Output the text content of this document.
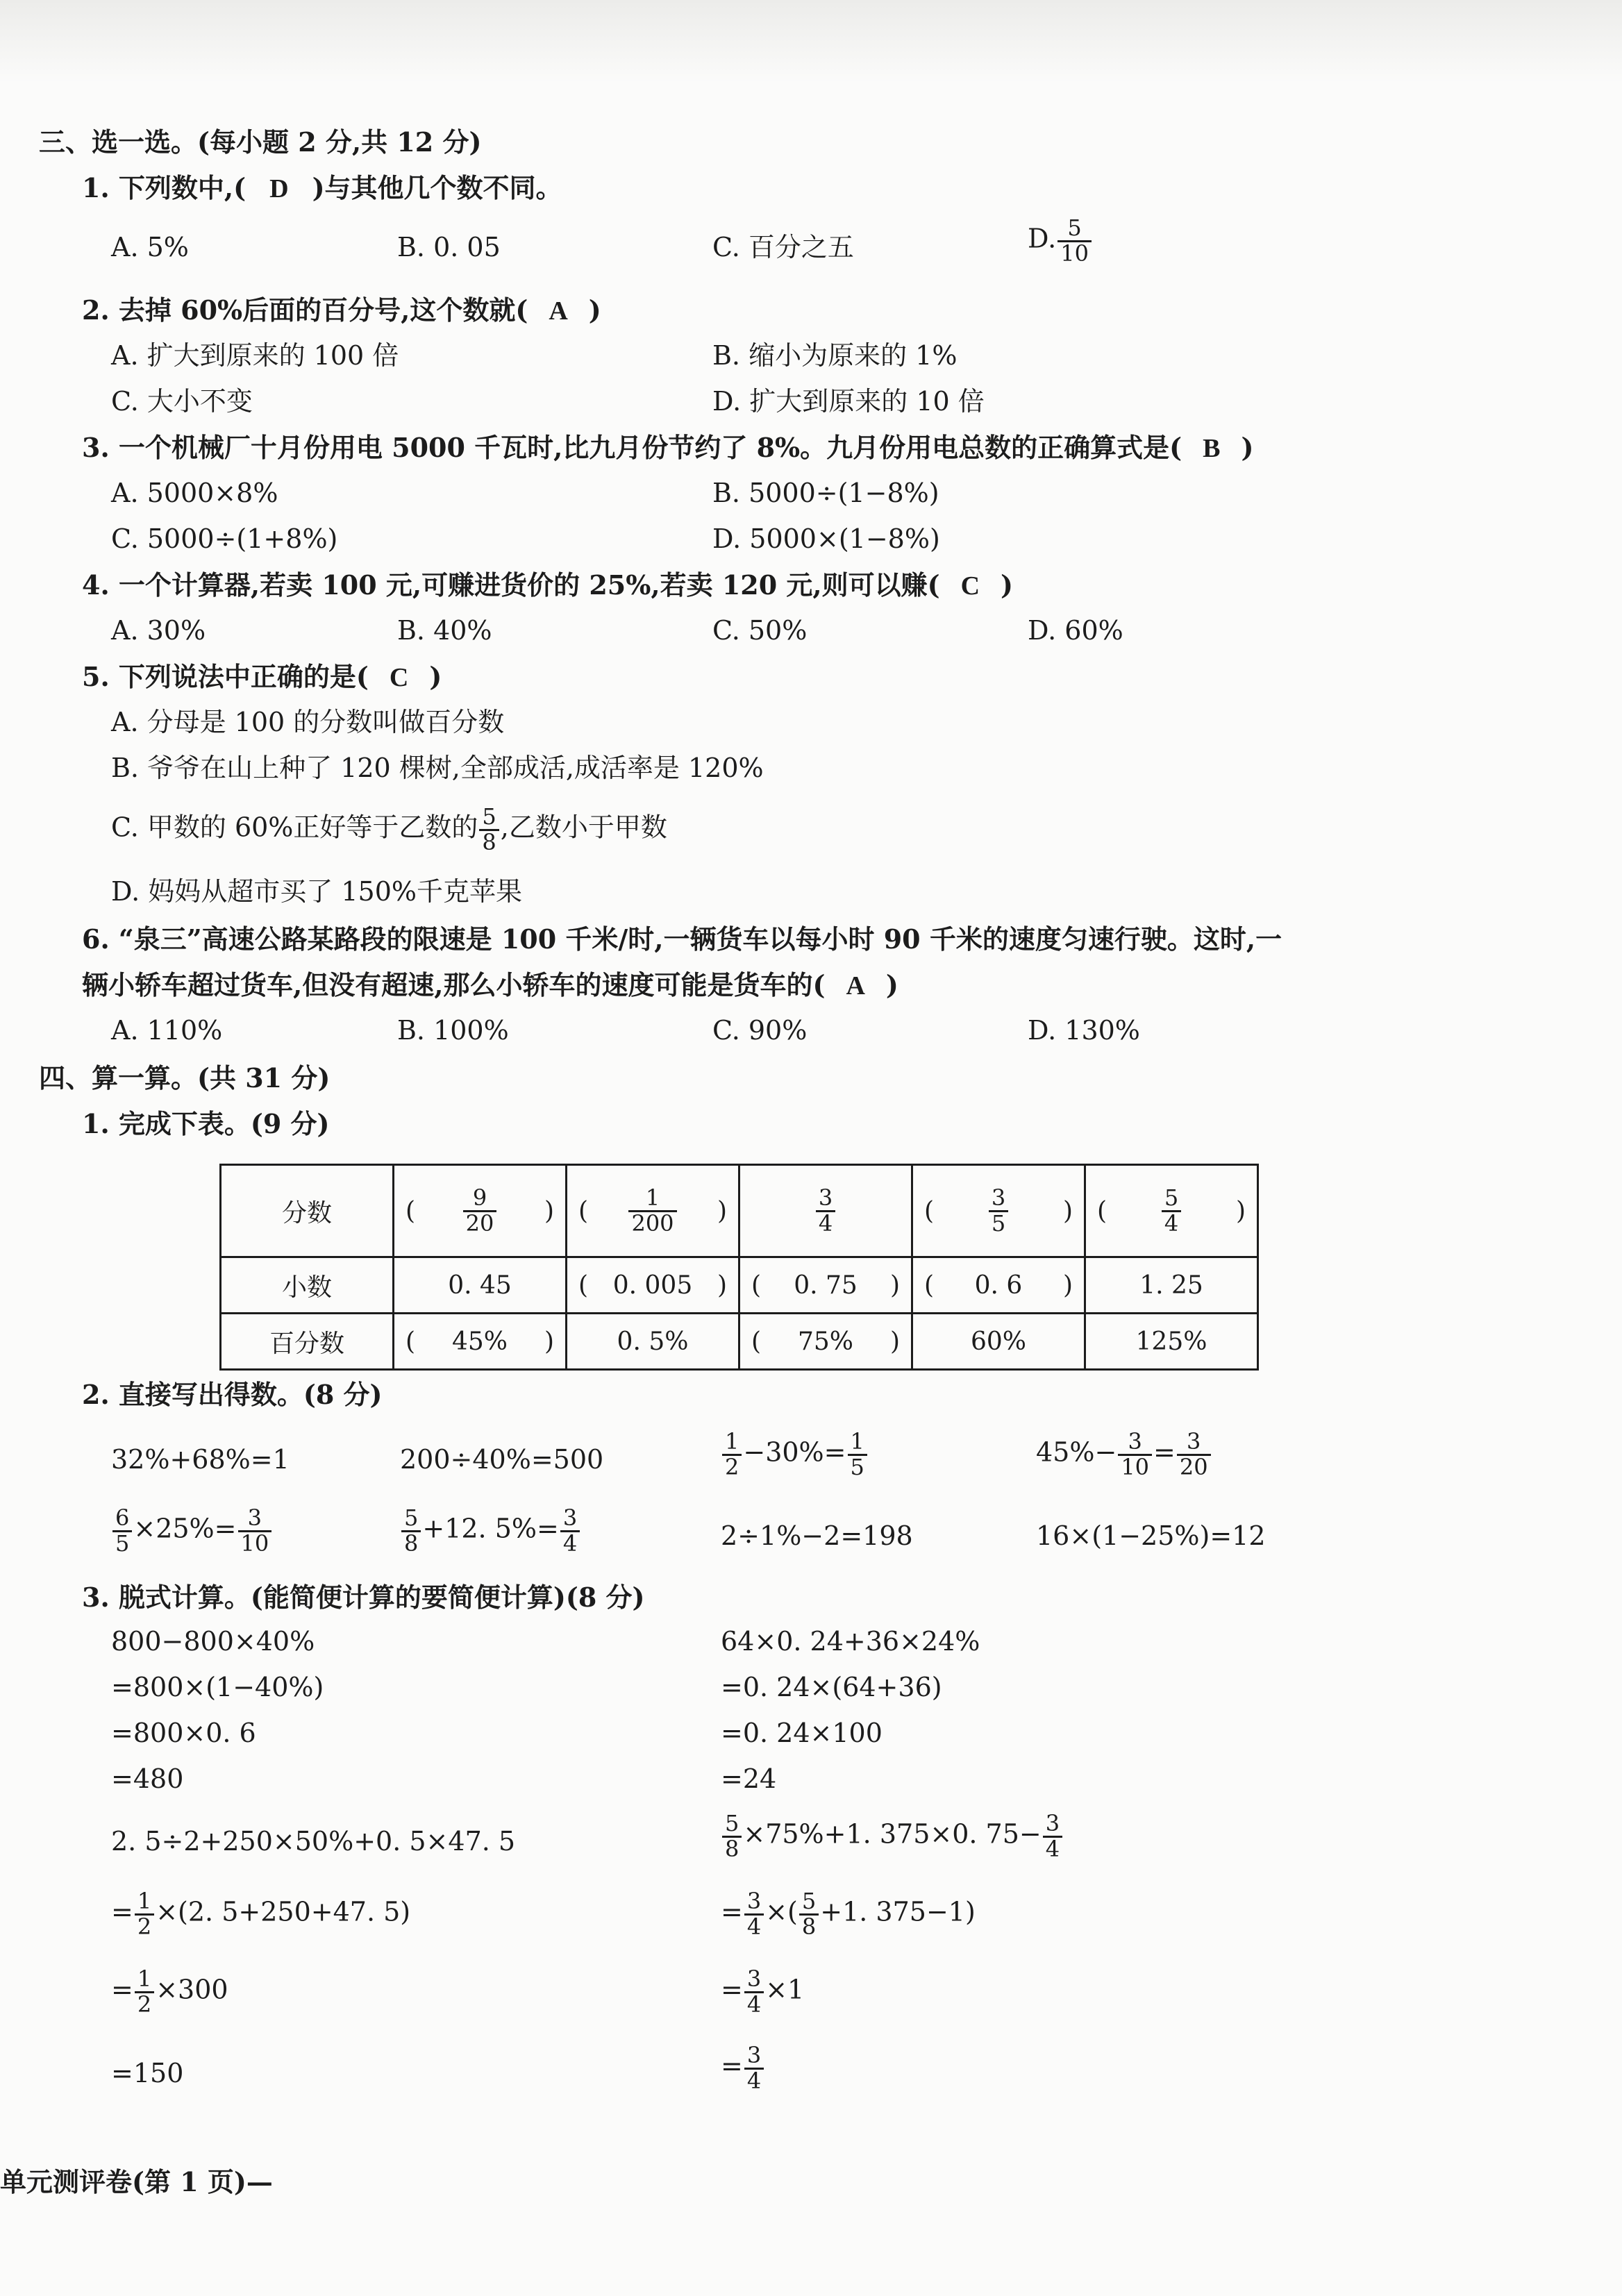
三、选一选。(每小题 2 分,共 12 分)
1. 下列数中,( D )与其他几个数不同。
A. 5%	B. 0. 05	C. 百分之五	D. $\frac{5}{10}$
2. 去掉 60%后面的百分号,这个数就( A )
A. 扩大到原来的 100 倍	B. 缩小为原来的 1%
C. 大小不变	D. 扩大到原来的 10 倍
3. 一个机械厂十月份用电 5000 千瓦时,比九月份节约了 8%。九月份用电总数的正确算式是( B )
A. 5000×8%	B. 5000÷(1−8%)
C. 5000÷(1+8%)	D. 5000×(1−8%)
4. 一个计算器,若卖 100 元,可赚进货价的 25%,若卖 120 元,则可以赚( C )
A. 30%	B. 40%	C. 50%	D. 60%
5. 下列说法中正确的是( C )
A. 分母是 100 的分数叫做百分数
B. 爷爷在山上种了 120 棵树,全部成活,成活率是 120%
C. 甲数的 60%正好等于乙数的 $\frac{5}{8}$ ,乙数小于甲数
D. 妈妈从超市买了 150%千克苹果
6. “泉三”高速公路某路段的限速是 100 千米/时,一辆货车以每小时 90 千米的速度匀速行驶。这时,一
辆小轿车超过货车,但没有超速,那么小轿车的速度可能是货车的( A )
A. 110%	B. 100%	C. 90%	D. 130%
四、算一算。(共 31 分)
1. 完成下表。(9 分)
分数	( $\frac{9}{20}$ )	( $\frac{1}{200}$ )	$\frac{3}{4}$	( $\frac{3}{5}$ )	( $\frac{5}{4}$ )

小数	0. 45	( 0. 005 )	( 0. 75 )	( 0. 6 )	1. 25
百分数	( 45% )	0. 5%	( 75% )	60%	125%
2. 直接写出得数。(8 分)
32%+68%=1	200÷40%=500	$\frac{1}{2} -30\%= \frac{1}{5}$	$45\%- \frac{3}{10} = \frac{3}{20}$
$\frac{6}{5} \times 25\%= \frac{3}{10}$	$\frac{5}{8} +12$. $5\%= \frac{3}{4}$	2÷1%−2=198	16×(1−25%)=12
3. 脱式计算。(能简便计算的要简便计算)(8 分)
800−800×40%
=800×(1−40%)
=800×0. 6
=480
64×0. 24+36×24%
=0. 24×(64+36)
=0. 24×100
=24
2. 5÷2+250×50%+0. 5×47. 5
= $\frac{1}{2} \times(2$. 5+250+47. 5)
= $\frac{1}{2} \times 300$
=150
$\frac{5}{8} \times 75\%+1$. 375×0. $75- \frac{3}{4}$
= $\frac{3}{4}$ ×( $\frac{5}{8} +1$. 375−1)
= $\frac{3}{4} \times 1$
= $\frac{3}{4}$
单元测评卷(第 1 页)—
